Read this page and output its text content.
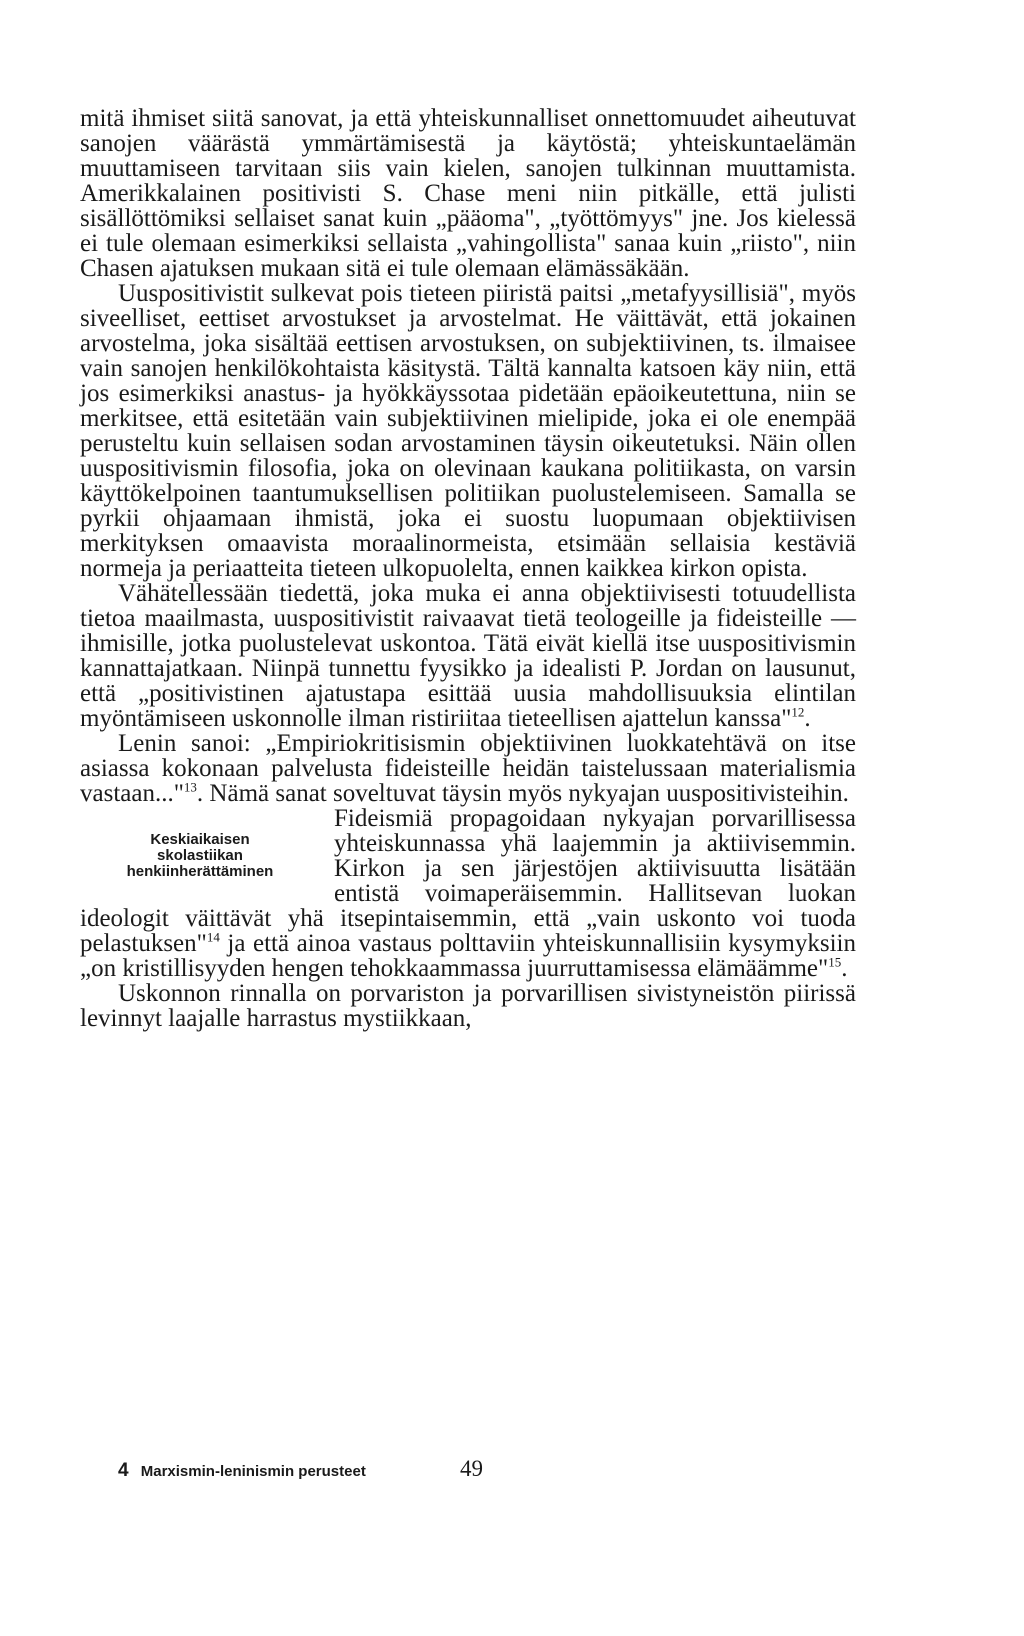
mitä ihmiset siitä sanovat, ja että yhteiskunnalliset onnettomuudet aiheutuvat sanojen väärästä ymmärtämisestä ja käytöstä; yhteiskuntaelämän muuttamiseen tarvitaan siis vain kielen, sanojen tulkinnan muuttamista. Amerikkalainen positivisti S. Chase meni niin pitkälle, että julisti sisällöttömiksi sellaiset sanat kuin „pääoma", „työttömyys" jne. Jos kielessä ei tule olemaan esimerkiksi sellaista „vahingollista" sanaa kuin „riisto", niin Chasen ajatuksen mukaan sitä ei tule olemaan elämässäkään.

Uuspositivistit sulkevat pois tieteen piiristä paitsi „metafyysillisiä", myös siveelliset, eettiset arvostukset ja arvostelmat. He väittävät, että jokainen arvostelma, joka sisältää eettisen arvostuksen, on subjektiivinen, ts. ilmaisee vain sanojen henkilökohtaista käsitystä. Tältä kannalta katsoen käy niin, että jos esimerkiksi anastus- ja hyökkäyssotaa pidetään epäoikeutettuna, niin se merkitsee, että esitetään vain subjektiivinen mielipide, joka ei ole enempää perusteltu kuin sellaisen sodan arvostaminen täysin oikeutetuksi. Näin ollen uuspositivismin filosofia, joka on olevinaan kaukana politiikasta, on varsin käyttökelpoinen taantumuksellisen politiikan puolustelemiseen. Samalla se pyrkii ohjaamaan ihmistä, joka ei suostu luopumaan objektiivisen merkityksen omaavista moraalinormeista, etsimään sellaisia kestäviä normeja ja periaatteita tieteen ulkopuolelta, ennen kaikkea kirkon opista.

Vähätellessään tiedettä, joka muka ei anna objektiivisesti totuudellista tietoa maailmasta, uuspositivistit raivaavat tietä teologeille ja fideisteille — ihmisille, jotka puolustelevat uskontoa. Tätä eivät kiellä itse uuspositivismin kannattajatkaan. Niinpä tunnettu fyysikko ja idealisti P. Jordan on lausunut, että „positivistinen ajatustapa esittää uusia mahdollisuuksia elintilan myöntämiseen uskonnolle ilman ristiriitaa tieteellisen ajattelun kanssa"$^{12}$.

Lenin sanoi: „Empiriokritisismin objektiivinen luokkatehtävä on itse asiassa kokonaan palvelusta fideisteille heidän taistelussaan materialismia vastaan..."$^{13}$. Nämä sanat soveltuvat täysin myös nykyajan uuspositivisteihin.

Keskiaikaisen
skolastiikan
henkiinherättäminen

Fideismiä propagoidaan nykyajan porvarillisessa yhteiskunnassa yhä laajemmin ja aktiivisemmin. Kirkon ja sen järjestöjen aktiivisuutta lisätään entistä voimaperäisemmin. Hallitsevan luokan ideologit väittävät yhä itsepintaisemmin, että „vain uskonto voi tuoda pelastuksen"$^{14}$ ja että ainoa vastaus polttaviin yhteiskunnallisiin kysymyksiin „on kristillisyyden hengen tehokkaammassa juurruttamisessa elämäämme"$^{15}$.

Uskonnon rinnalla on porvariston ja porvarillisen sivistyneistön piirissä levinnyt laajalle harrastus mystiikkaan,

4 Marxismin-leninismin perusteet	49
